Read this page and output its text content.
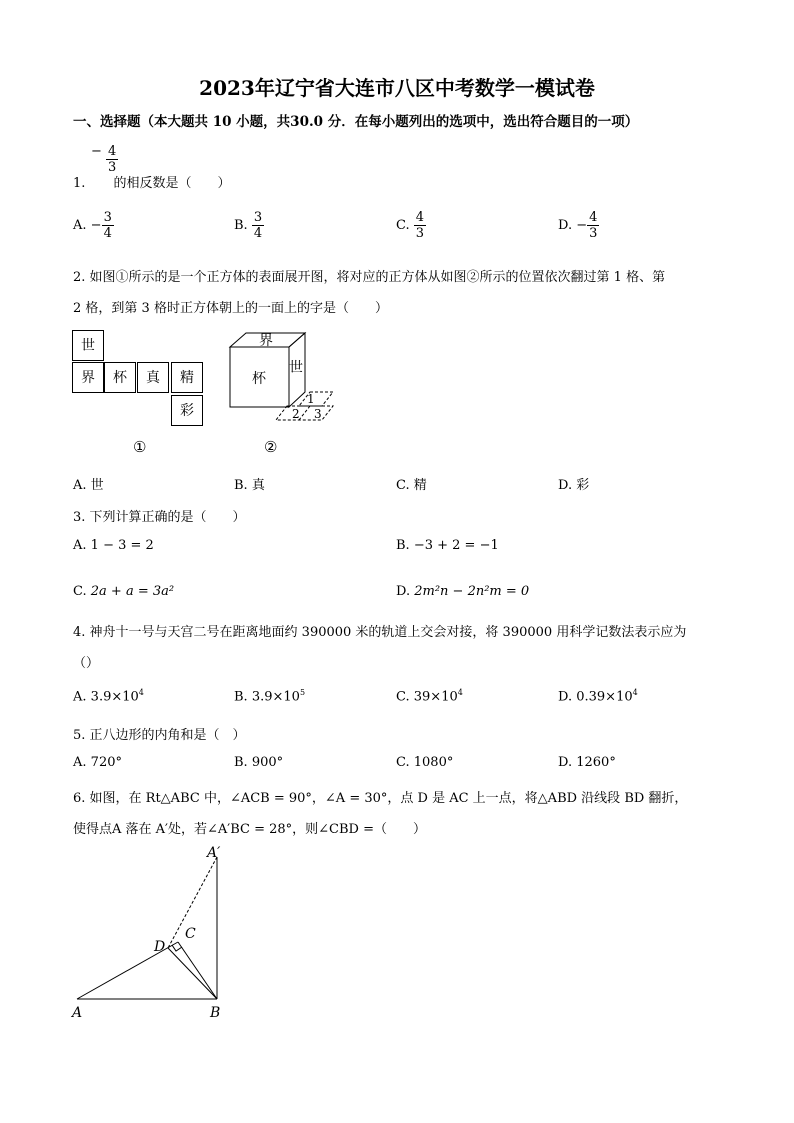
2023年辽宁省大连市八区中考数学一模试卷
一、选择题（本大题共 10 小题，共30.0 分．在每小题列出的选项中，选出符合题目的一项）
− $\frac{4}{3}$
1. 的相反数是（　　）
A. − $\frac{3}{4}$	B. $\frac{3}{4}$	C. $\frac{4}{3}$	D. − $\frac{4}{3}$
2. 如图①所示的是一个正方体的表面展开图，将对应的正方体从如图②所示的位置依次翻过第 1 格、第
2 格，到第 3 格时正方体朝上的一面上的字是（　　）
世
界	杯	真	精
彩
①
界
杯
世
1
2 3
②
A. 世	B. 真	C. 精	D. 彩
3. 下列计算正确的是（　　）
A. 1 − 3 = 2	B. −3 + 2 = −1
C. 2a + a = 3a²	D. 2m²n − 2n²m = 0
4. 神舟十一号与天宫二号在距离地面约 390000 米的轨道上交会对接，将 390000 用科学记数法表示应为
（）
A. $3.9\times 10^4$	B. $3.9\times 10^5$	C. $39\times 10^4$	D. $0.39\times 10^4$
5. 正八边形的内角和是（　）
A. 720°	B. 900°	C. 1080°	D. 1260°
6. 如图，在 Rt△ABC 中，∠ACB = 90°，∠A = 30°，点 D 是 AC 上一点，将△ABD 沿线段 BD 翻折，
使得点A 落在 A′处，若∠A′BC = 28°，则∠CBD =（　　）
A	B
D
C
A′
